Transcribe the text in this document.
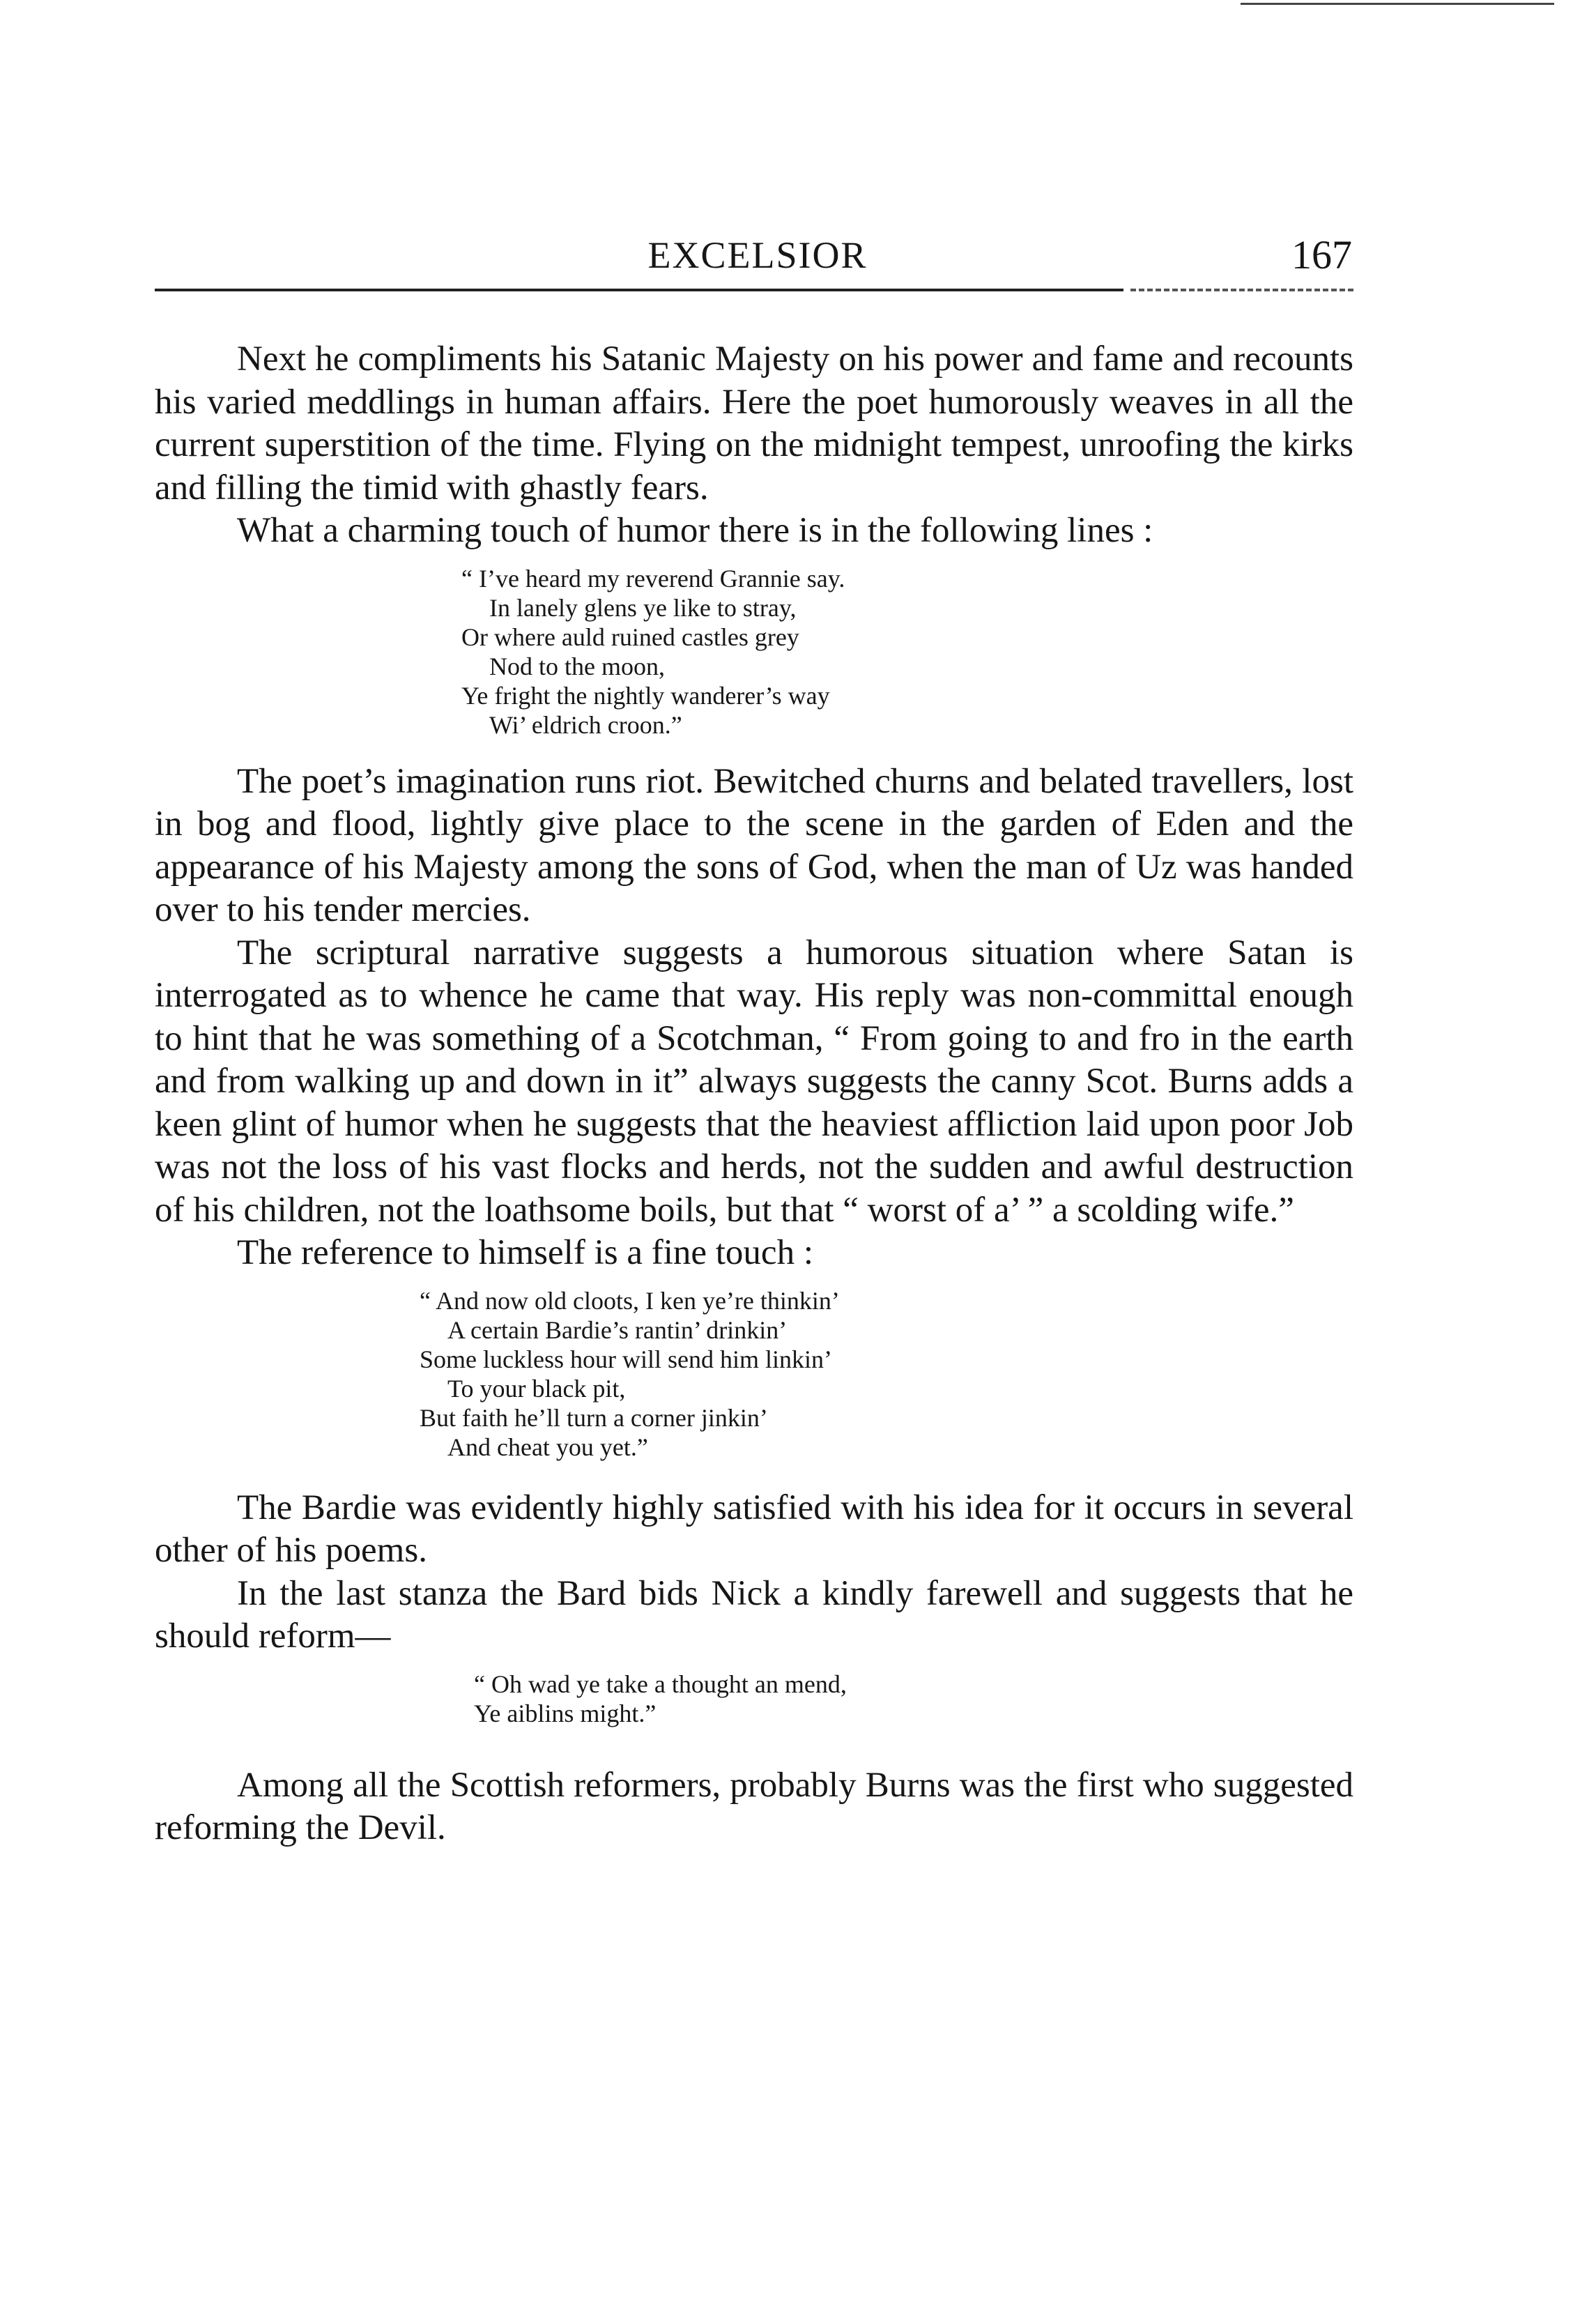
EXCELSIOR	167

Next he compliments his Satanic Majesty on his power and fame and recounts his varied meddlings in human affairs. Here the poet humorously weaves in all the current superstition of the time. Flying on the midnight tempest, unroofing the kirks and filling the timid with ghastly fears.

What a charming touch of humor there is in the following lines :

“ I’ve heard my reverend Grannie say.
In lanely glens ye like to stray,
Or where auld ruined castles grey
Nod to the moon,
Ye fright the nightly wanderer’s way
Wi’ eldrich croon.”

The poet’s imagination runs riot. Bewitched churns and belated travellers, lost in bog and flood, lightly give place to the scene in the garden of Eden and the appearance of his Majesty among the sons of God, when the man of Uz was handed over to his tender mercies.

The scriptural narrative suggests a humorous situation where Satan is interrogated as to whence he came that way. His reply was non-committal enough to hint that he was something of a Scotchman, “ From going to and fro in the earth and from walking up and down in it” always suggests the canny Scot. Burns adds a keen glint of humor when he suggests that the heaviest affliction laid upon poor Job was not the loss of his vast flocks and herds, not the sudden and awful destruction of his children, not the loathsome boils, but that “ worst of a’ ” a scolding wife.”

The reference to himself is a fine touch :

“ And now old cloots, I ken ye’re thinkin’
A certain Bardie’s rantin’ drinkin’
Some luckless hour will send him linkin’
To your black pit,
But faith he’ll turn a corner jinkin’
And cheat you yet.”

The Bardie was evidently highly satisfied with his idea for it occurs in several other of his poems.

In the last stanza the Bard bids Nick a kindly farewell and suggests that he should reform—

“ Oh wad ye take a thought an mend,
Ye aiblins might.”

Among all the Scottish reformers, probably Burns was the first who suggested reforming the Devil.
